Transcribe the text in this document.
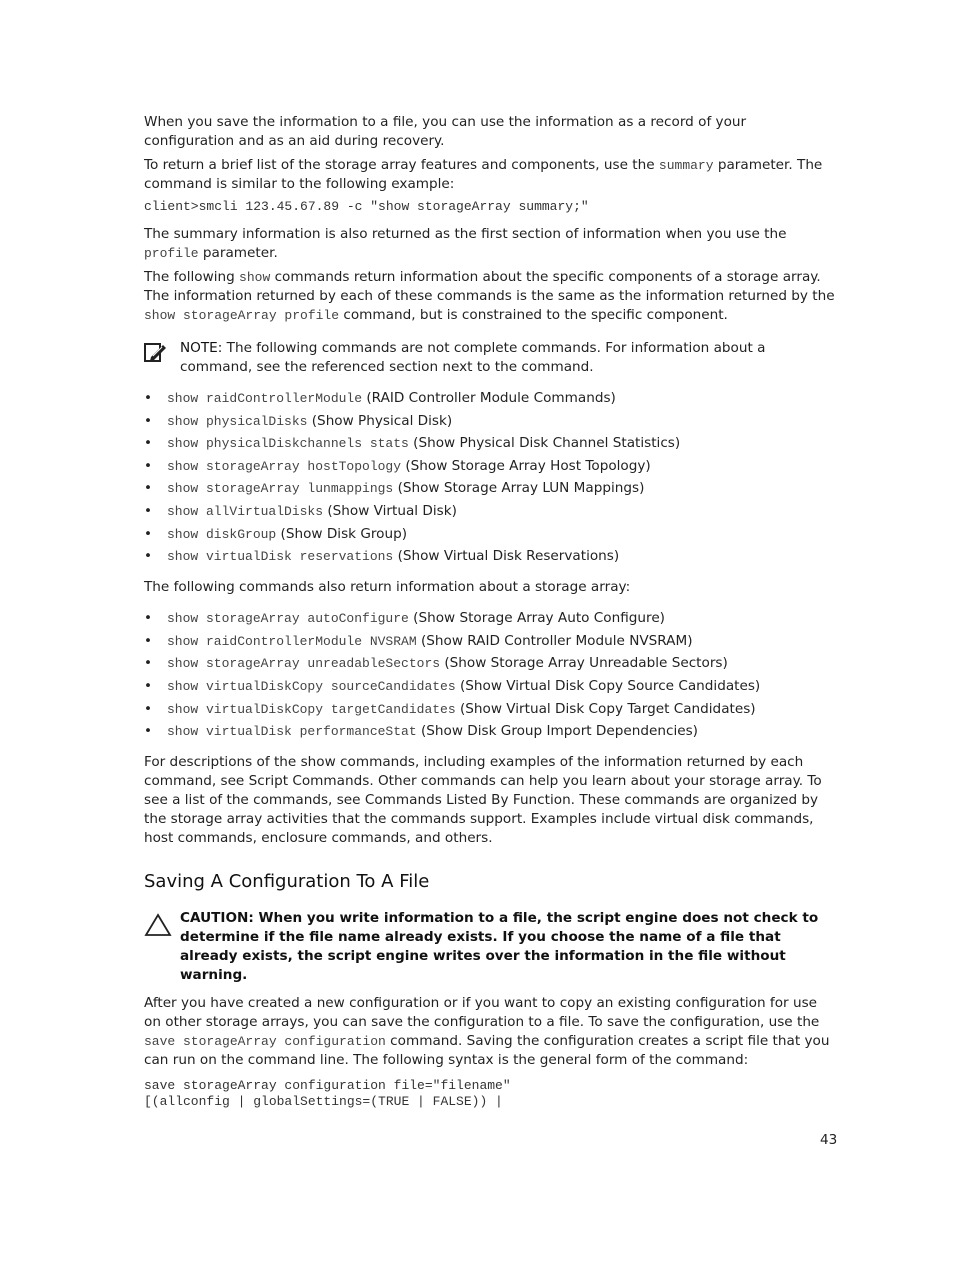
When you save the information to a file, you can use the information as a record of your configuration and as an aid during recovery.

To return a brief list of the storage array features and components, use the summary parameter. The command is similar to the following example:

client>smcli 123.45.67.89 -c "show storageArray summary;"

The summary information is also returned as the first section of information when you use the profile parameter.

The following show commands return information about the specific components of a storage array. The information returned by each of these commands is the same as the information returned by the show storageArray profile command, but is constrained to the specific component.

NOTE: The following commands are not complete commands. For information about a command, see the referenced section next to the command.
• show raidControllerModule (RAID Controller Module Commands)
• show physicalDisks (Show Physical Disk)
• show physicalDiskchannels stats (Show Physical Disk Channel Statistics)
• show storageArray hostTopology (Show Storage Array Host Topology)
• show storageArray lunmappings (Show Storage Array LUN Mappings)
• show allVirtualDisks (Show Virtual Disk)
• show diskGroup (Show Disk Group)
• show virtualDisk reservations (Show Virtual Disk Reservations)

The following commands also return information about a storage array:

• show storageArray autoConfigure (Show Storage Array Auto Configure)
• show raidControllerModule NVSRAM (Show RAID Controller Module NVSRAM)
• show storageArray unreadableSectors (Show Storage Array Unreadable Sectors)
• show virtualDiskCopy sourceCandidates (Show Virtual Disk Copy Source Candidates)
• show virtualDiskCopy targetCandidates (Show Virtual Disk Copy Target Candidates)
• show virtualDisk performanceStat (Show Disk Group Import Dependencies)

For descriptions of the show commands, including examples of the information returned by each command, see Script Commands. Other commands can help you learn about your storage array. To see a list of the commands, see Commands Listed By Function. These commands are organized by the storage array activities that the commands support. Examples include virtual disk commands, host commands, enclosure commands, and others.

Saving A Configuration To A File
CAUTION: When you write information to a file, the script engine does not check to determine if the file name already exists. If you choose the name of a file that already exists, the script engine writes over the information in the file without warning.

After you have created a new configuration or if you want to copy an existing configuration for use on other storage arrays, you can save the configuration to a file. To save the configuration, use the save storageArray configuration command. Saving the configuration creates a script file that you can run on the command line. The following syntax is the general form of the command:

save storageArray configuration file="filename"
[(allconfig | globalSettings=(TRUE | FALSE)) |
43
